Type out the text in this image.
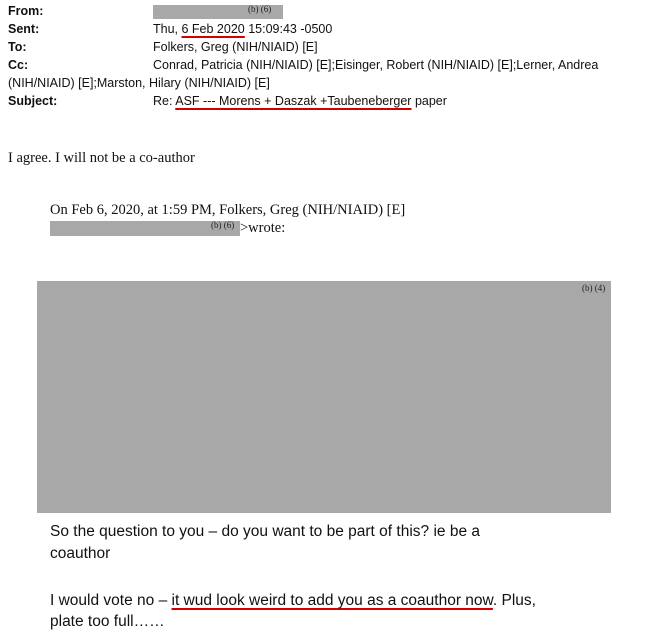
From:	(b) (6)
Sent:	Thu, 6 Feb 2020 15:09:43 -0500
To:	Folkers, Greg (NIH/NIAID) [E]
Cc:	Conrad, Patricia (NIH/NIAID) [E];Eisinger, Robert (NIH/NIAID) [E];Lerner, Andrea
(NIH/NIAID) [E];Marston, Hilary (NIH/NIAID) [E]
Subject:	Re: ASF --- Morens + Daszak +Taubeneberger paper
I agree. I will not be a co-author
On Feb 6, 2020, at 1:59 PM, Folkers, Greg (NIH/NIAID) [E]
(b) (6) >wrote:
(b) (4)
So the question to you – do you want to be part of this? ie be a
coauthor
I would vote no – it wud look weird to add you as a coauthor now. Plus,
plate too full……
